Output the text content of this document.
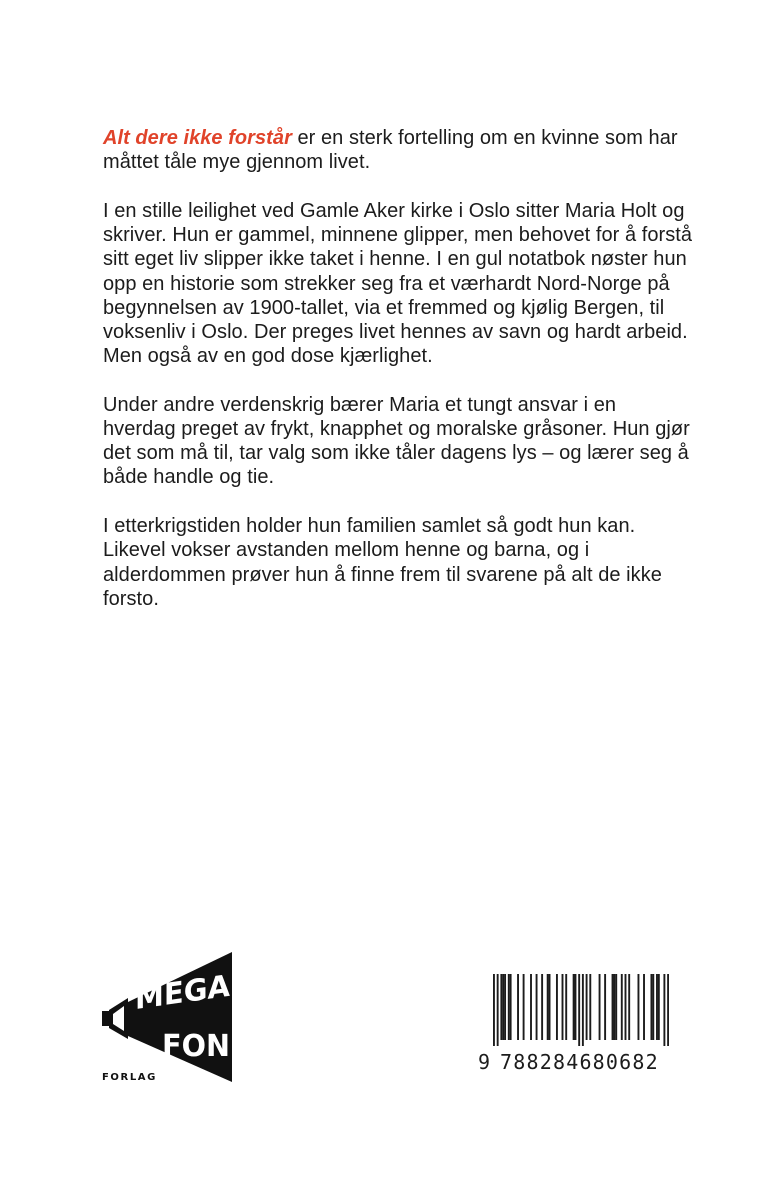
Alt dere ikke forstår er en sterk fortelling om en kvinne som har måttet tåle mye gjennom livet.

I en stille leilighet ved Gamle Aker kirke i Oslo sitter Maria Holt og skriver. Hun er gammel, minnene glipper, men behovet for å forstå sitt eget liv slipper ikke taket i henne. I en gul notatbok nøster hun opp en historie som strekker seg fra et værhardt Nord-Norge på begynnelsen av 1900-tallet, via et fremmed og kjølig Bergen, til voksenliv i Oslo. Der preges livet hennes av savn og hardt arbeid. Men også av en god dose kjærlighet.

Under andre verdenskrig bærer Maria et tungt ansvar i en hverdag preget av frykt, knapphet og moralske gråsoner. Hun gjør det som må til, tar valg som ikke tåler dagens lys – og lærer seg å både handle og tie.

I etterkrigstiden holder hun familien samlet så godt hun kan. Likevel vokser avstanden mellom henne og barna, og i alderdommen prøver hun å finne frem til svarene på alt de ikke forsto.

MEGA
FON
FORLAG
9 788284680682
